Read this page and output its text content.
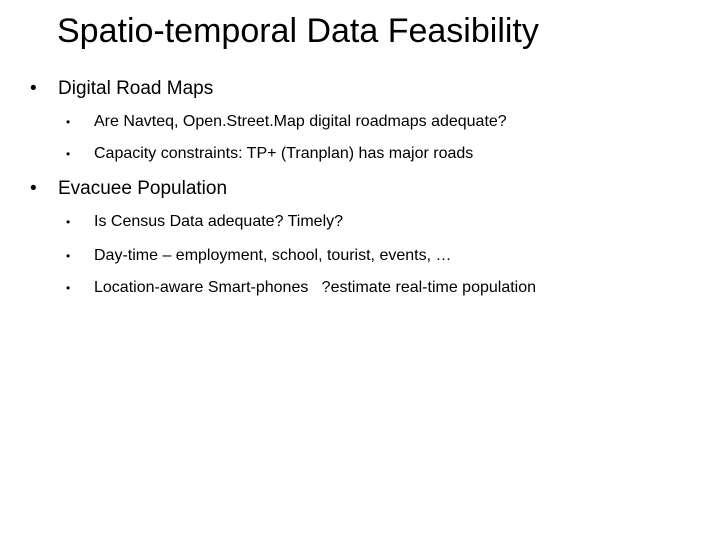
Spatio-temporal Data Feasibility
• Digital Road Maps
• Are Navteq, Open.Street.Map digital roadmaps adequate?
• Capacity constraints: TP+ (Tranplan) has major roads
• Evacuee Population
• Is Census Data adequate? Timely?
• Day-time – employment, school, tourist, events, …
• Location-aware Smart-phones   ?estimate real-time population
